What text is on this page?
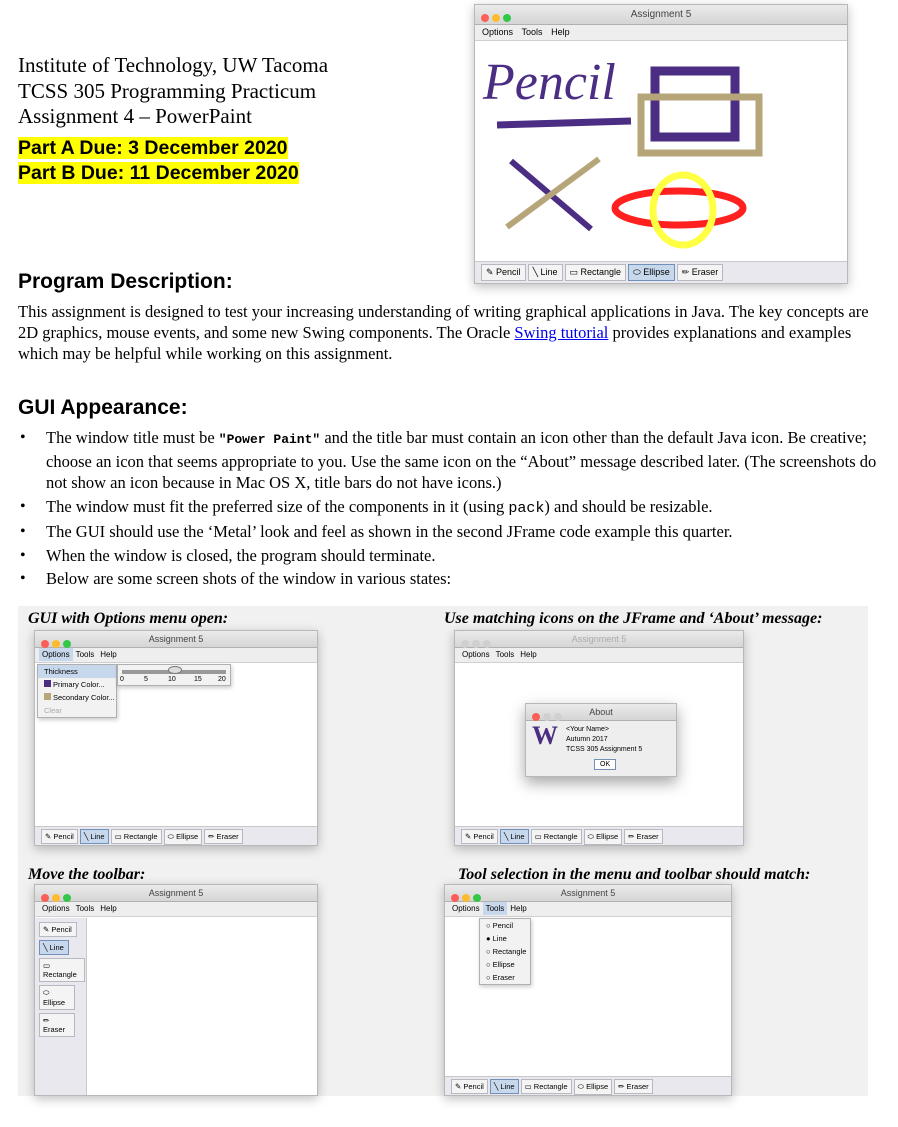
Institute of Technology, UW Tacoma
TCSS 305 Programming Practicum
Assignment 4 – PowerPaint
Part A Due: 3 December 2020
Part B Due: 11 December 2020
Assignment 5
Options Tools Help
Pencil
✎ Pencil ╲ Line ▭ Rectangle ⬭ Ellipse ✏ Eraser
Program Description:
This assignment is designed to test your increasing understanding of writing graphical applications in Java. The key concepts are 2D graphics, mouse events, and some new Swing components. The Oracle Swing tutorial provides explanations and examples which may be helpful while working on this assignment.
GUI Appearance:
• The window title must be "Power Paint" and the title bar must contain an icon other than the default Java icon. Be creative; choose an icon that seems appropriate to you. Use the same icon on the “About” message described later. (The screenshots do not show an icon because in Mac OS X, title bars do not have icons.)
• The window must fit the preferred size of the components in it (using pack) and should be resizable.
• The GUI should use the ‘Metal’ look and feel as shown in the second JFrame code example this quarter.
• When the window is closed, the program should terminate.
• Below are some screen shots of the window in various states:
GUI with Options menu open:	Use matching icons on the JFrame and ‘About’ message:
Move the toolbar:	Tool selection in the menu and toolbar should match:
Assignment 5
Options Tools Help
Thickness
Primary Color...
Secondary Color...
Clear
0	5	10	15 20
✎ Pencil ╲ Line ▭ Rectangle ⬭ Ellipse ✏ Eraser
Assignment 5
Options Tools Help
About
W <Your Name>
Autumn 2017
TCSS 305 Assignment 5
OK
✎ Pencil ╲ Line ▭ Rectangle ⬭ Ellipse ✏ Eraser
Assignment 5
Options Tools Help
✎ Pencil
╲ Line
▭ Rectangle
⬭ Ellipse
✏ Eraser
Assignment 5
Options Tools Help
○ Pencil
● Line
○ Rectangle
○ Ellipse
○ Eraser
✎ Pencil ╲ Line ▭ Rectangle ⬭ Ellipse ✏ Eraser
